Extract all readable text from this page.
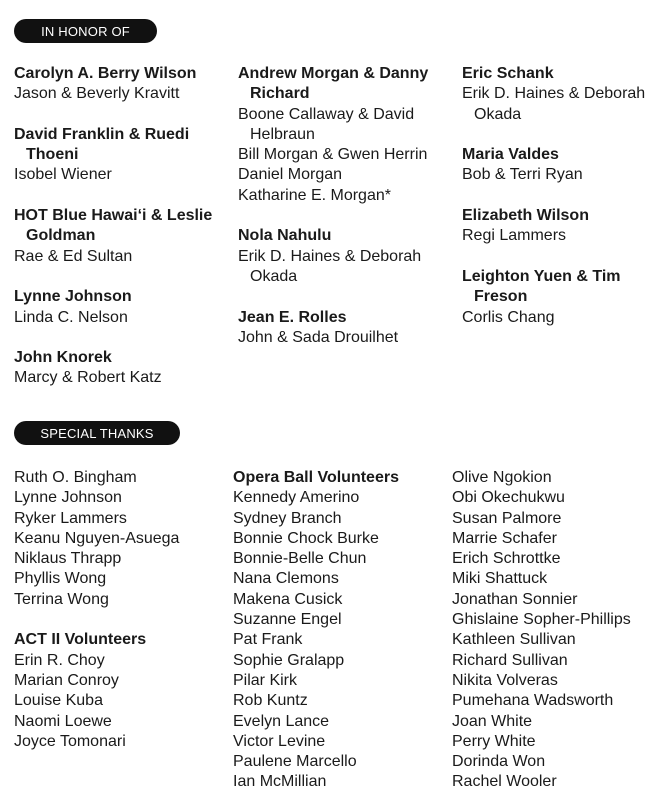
IN HONOR OF
Carolyn A. Berry Wilson
Jason & Beverly Kravitt
David Franklin & Ruedi Thoeni
Isobel Wiener
HOT Blue Hawai‘i & Leslie Goldman
Rae & Ed Sultan
Lynne Johnson
Linda C. Nelson
John Knorek
Marcy & Robert Katz
Andrew Morgan & Danny Richard
Boone Callaway & David Helbraun
Bill Morgan & Gwen Herrin
Daniel Morgan
Katharine E. Morgan*
Nola Nahulu
Erik D. Haines & Deborah Okada
Jean E. Rolles
John & Sada Drouilhet
Eric Schank
Erik D. Haines & Deborah Okada
Maria Valdes
Bob & Terri Ryan
Elizabeth Wilson
Regi Lammers
Leighton Yuen & Tim Freson
Corlis Chang
SPECIAL THANKS
Ruth O. Bingham
Lynne Johnson
Ryker Lammers
Keanu Nguyen-Asuega
Niklaus Thrapp
Phyllis Wong
Terrina Wong
ACT II Volunteers
Erin R. Choy
Marian Conroy
Louise Kuba
Naomi Loewe
Joyce Tomonari
Opera Ball Volunteers
Kennedy Amerino
Sydney Branch
Bonnie Chock Burke
Bonnie-Belle Chun
Nana Clemons
Makena Cusick
Suzanne Engel
Pat Frank
Sophie Gralapp
Pilar Kirk
Rob Kuntz
Evelyn Lance
Victor Levine
Paulene Marcello
Ian McMillian
Olive Ngokion
Obi Okechukwu
Susan Palmore
Marrie Schafer
Erich Schrottke
Miki Shattuck
Jonathan Sonnier
Ghislaine Sopher-Phillips
Kathleen Sullivan
Richard Sullivan
Nikita Volveras
Pumehana Wadsworth
Joan White
Perry White
Dorinda Won
Rachel Wooler
